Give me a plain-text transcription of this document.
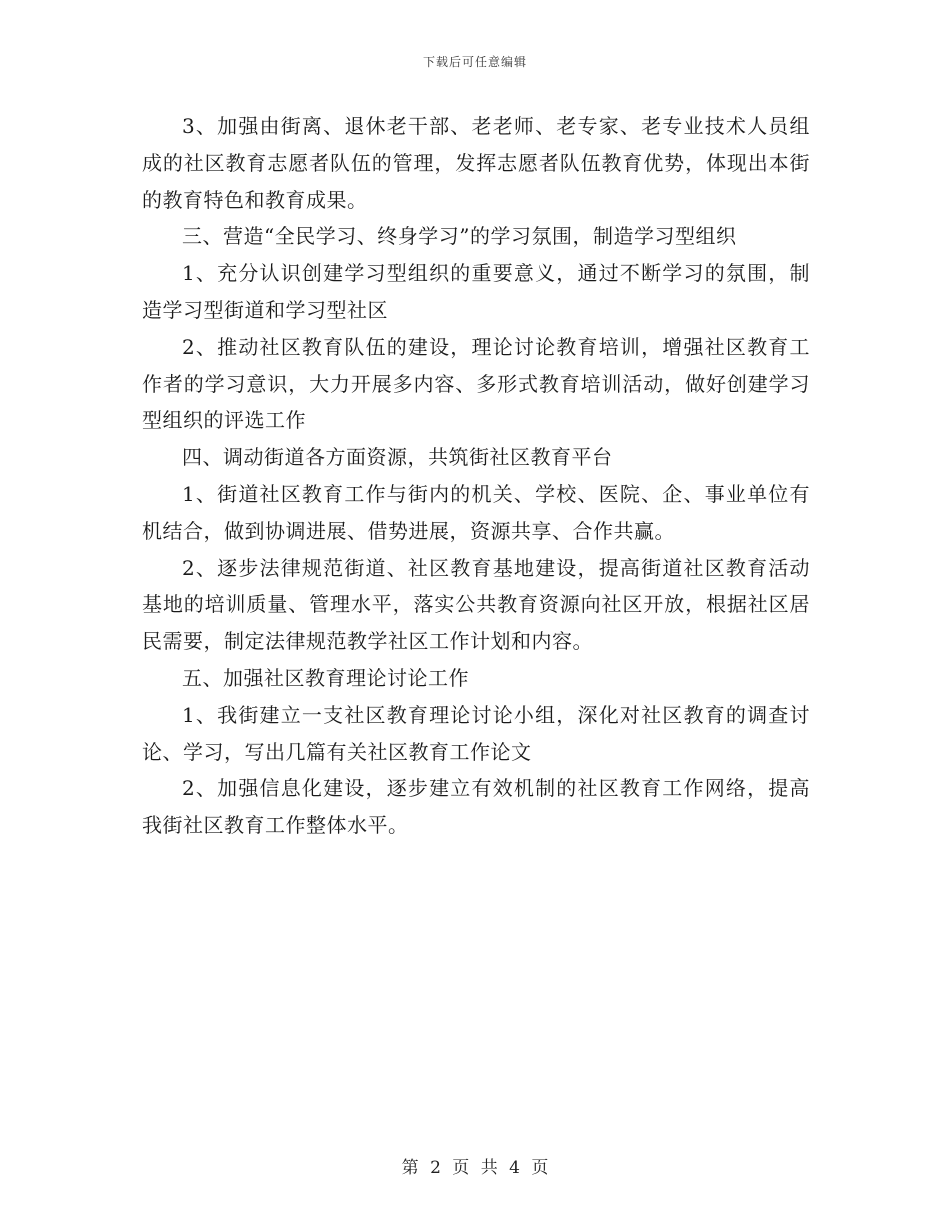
下载后可任意编辑

3、加强由街离、退休老干部、老老师、老专家、老专业技术人员组成的社区教育志愿者队伍的管理，发挥志愿者队伍教育优势，体现出本街的教育特色和教育成果。

三、营造“全民学习、终身学习”的学习氛围，制造学习型组织

1、充分认识创建学习型组织的重要意义，通过不断学习的氛围，制造学习型街道和学习型社区

2、推动社区教育队伍的建设，理论讨论教育培训，增强社区教育工作者的学习意识，大力开展多内容、多形式教育培训活动，做好创建学习型组织的评选工作

四、调动街道各方面资源，共筑街社区教育平台

1、街道社区教育工作与街内的机关、学校、医院、企、事业单位有机结合，做到协调进展、借势进展，资源共享、合作共赢。

2、逐步法律规范街道、社区教育基地建设，提高街道社区教育活动基地的培训质量、管理水平，落实公共教育资源向社区开放，根据社区居民需要，制定法律规范教学社区工作计划和内容。

五、加强社区教育理论讨论工作

1、我街建立一支社区教育理论讨论小组，深化对社区教育的调查讨论、学习，写出几篇有关社区教育工作论文

2、加强信息化建设，逐步建立有效机制的社区教育工作网络，提高我街社区教育工作整体水平。

第 2 页 共 4 页
